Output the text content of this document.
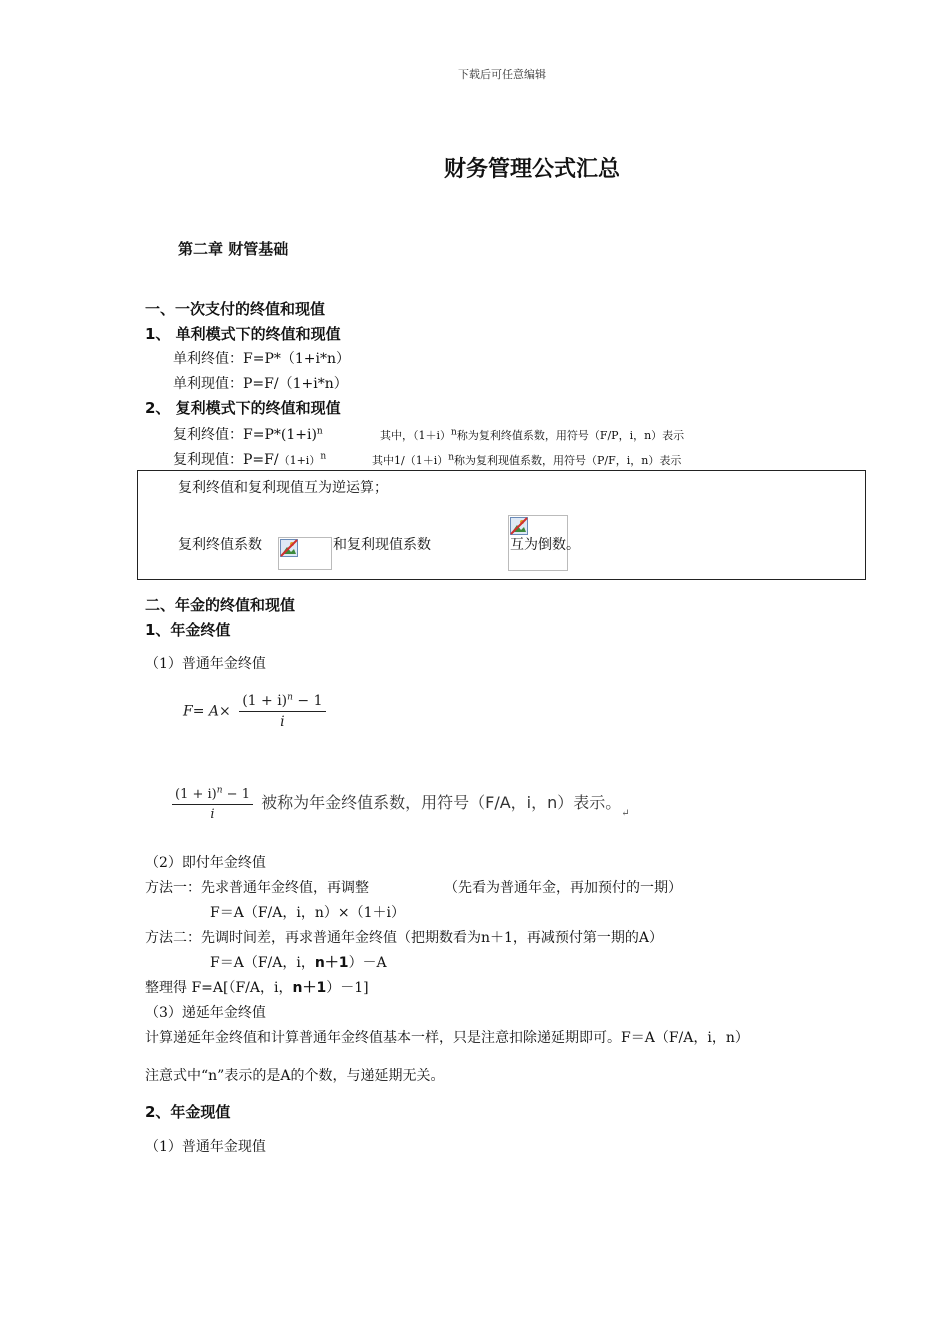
下载后可任意编辑
财务管理公式汇总
第二章 财管基础
一、一次支付的终值和现值
1、 单利模式下的终值和现值
单利终值：F=P*（1+i*n）
单利现值：P=F/（1+i*n）
2、 复利模式下的终值和现值
复利终值：$F=P*(1+i)^n$	其中，$(1+i)^n$称为复利终值系数，用符号（F/P，i，n）表示
复利现值：$P=F/(1+i)^n$	其中$1/(1+i)^n$称为复利现值系数，用符号（P/F，i，n）表示
复利终值和复利现值互为逆运算；
复利终值系数
	和复利现值系数	互为倒数。
二、年金的终值和现值
1、年金终值
（1）普通年金终值
$F= A\times \frac{(1 + i)^n - 1}{i}$
$\frac{(1 + i)^n - 1}{i}$ 被称为年金终值系数，用符号（F/A，i，n）表示。$_↵$
（2）即付年金终值
方法一：先求普通年金终值，再调整	（先看为普通年金，再加预付的一期）
F＝A（F/A，i，n）×（1＋i）
方法二：先调时间差，再求普通年金终值（把期数看为n＋1，再减预付第一期的A）
F＝A（F/A，i，n＋1）－A
整理得 F=A[（F/A，i，n＋1）－1]
（3）递延年金终值
计算递延年金终值和计算普通年金终值基本一样，只是注意扣除递延期即可。F＝A（F/A，i，n）
注意式中“n”表示的是A的个数，与递延期无关。
2、年金现值
（1）普通年金现值
